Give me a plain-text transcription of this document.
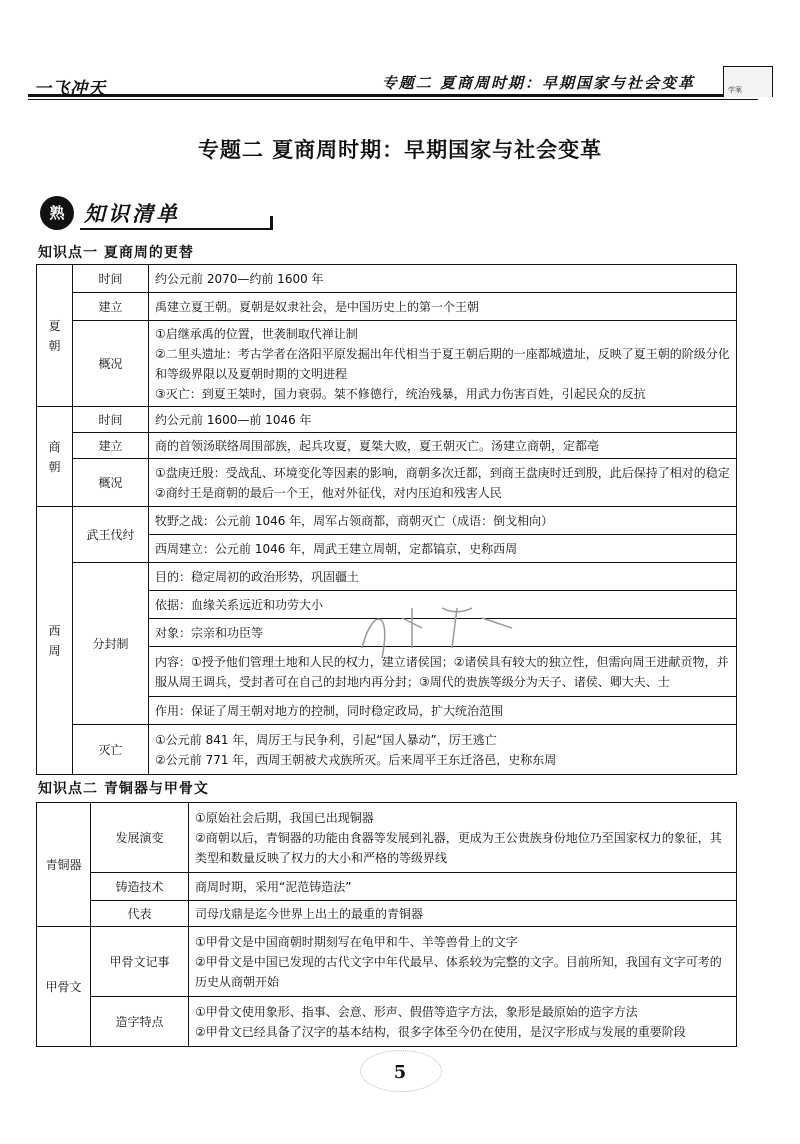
一飞冲天	专题二 夏商周时期：早期国家与社会变革	学案
专题二 夏商周时期：早期国家与社会变革
熟 知识清单
知识点一 夏商周的更替
夏朝	时间	约公元前 2070—约前 1600 年
	建立	禹建立夏王朝。夏朝是奴隶社会，是中国历史上的第一个王朝
	概况	①启继承禹的位置，世袭制取代禅让制
②二里头遗址：考古学者在洛阳平原发掘出年代相当于夏王朝后期的一座都城遗址，反映了夏王朝的阶级分化和等级界限以及夏朝时期的文明进程
③灭亡：到夏王桀时，国力衰弱。桀不修德行，统治残暴，用武力伤害百姓，引起民众的反抗

商朝	时间	约公元前 1600—前 1046 年
	建立	商的首领汤联络周围部族，起兵攻夏，夏桀大败，夏王朝灭亡。汤建立商朝，定都亳
	概况	①盘庚迁殷：受战乱、环境变化等因素的影响，商朝多次迁都，到商王盘庚时迁到殷，此后保持了相对的稳定
②商纣王是商朝的最后一个王，他对外征伐，对内压迫和残害人民

西周	武王伐纣	牧野之战：公元前 1046 年，周军占领商都，商朝灭亡（成语：倒戈相向）
		西周建立：公元前 1046 年，周武王建立周朝，定都镐京，史称西周
	分封制	目的：稳定周初的政治形势，巩固疆土
		依据：血缘关系远近和功劳大小
		对象：宗亲和功臣等
		内容：①授予他们管理土地和人民的权力，建立诸侯国；②诸侯具有较大的独立性，但需向周王进献贡物，并服从周王调兵，受封者可在自己的封地内再分封；③周代的贵族等级分为天子、诸侯、卿大夫、士
		作用：保证了周王朝对地方的控制，同时稳定政局，扩大统治范围
	灭亡	①公元前 841 年，周厉王与民争利，引起“国人暴动”，厉王逃亡
②公元前 771 年，西周王朝被犬戎族所灭。后来周平王东迁洛邑，史称东周
知识点二 青铜器与甲骨文
青铜器	发展演变	①原始社会后期，我国已出现铜器
②商朝以后，青铜器的功能由食器等发展到礼器，更成为王公贵族身份地位乃至国家权力的象征，其类型和数量反映了权力的大小和严格的等级界线

	铸造技术	商周时期，采用“泥范铸造法”
	代表	司母戊鼎是迄今世界上出土的最重的青铜器
甲骨文	甲骨文记事	①甲骨文是中国商朝时期刻写在龟甲和牛、羊等兽骨上的文字
②甲骨文是中国已发现的古代文字中年代最早、体系较为完整的文字。目前所知，我国有文字可考的历史从商朝开始

	造字特点	①甲骨文使用象形、指事、会意、形声、假借等造字方法，象形是最原始的造字方法
②甲骨文已经具备了汉字的基本结构，很多字体至今仍在使用，是汉字形成与发展的重要阶段
5
